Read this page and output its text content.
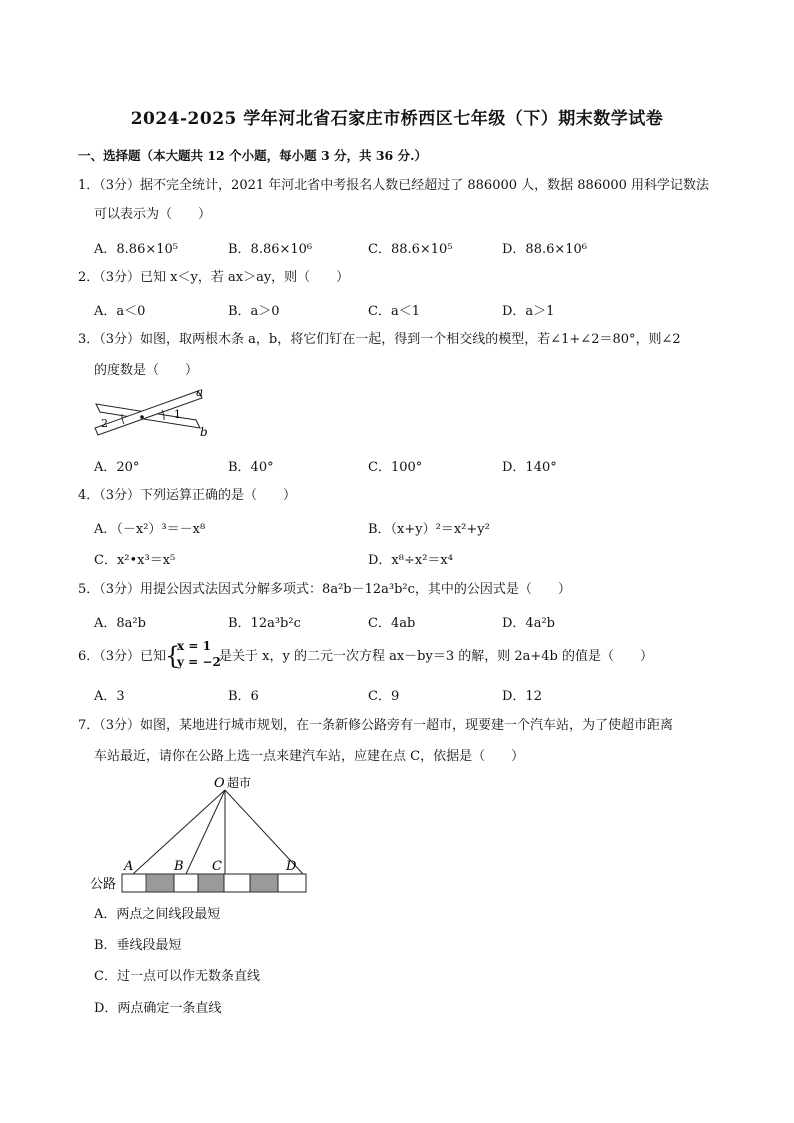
2024-2025 学年河北省石家庄市桥西区七年级（下）期末数学试卷
一、选择题（本大题共 12 个小题，每小题 3 分，共 36 分.）
1．（3分）据不完全统计，2021 年河北省中考报名人数已经超过了 886000 人，数据 886000 用科学记数法
可以表示为（　　）
A．8.86×10⁵	B．8.86×10⁶	C．88.6×10⁵	D．88.6×10⁶
2．（3分）已知 x＜y，若 ax＞ay，则（　　）
A．a＜0	B．a＞0	C．a＜1	D．a＞1
3．（3分）如图，取两根木条 a，b，将它们钉在一起，得到一个相交线的模型，若∠1+∠2＝80°，则∠2
的度数是（　　）
a
b
1
2
A．20°	B．40°	C．100°	D．140°
4．（3分）下列运算正确的是（　　）
A．（－x²）³＝－x⁸	B．（x+y）²＝x²+y²
C．x²•x³＝x⁵	D．x⁸÷x²＝x⁴
5．（3分）用提公因式法因式分解多项式：8a²b－12a³b²c，其中的公因式是（　　）
A．8a²b	B．12a³b²c	C．4ab	D．4a²b
6．（3分）已知
{
x = 1
y = −2
是关于 x，y 的二元一次方程 ax－by＝3 的解，则 2a+4b 的值是（　　）
A．3	B．6	C．9	D．12
7．（3分）如图，某地进行城市规划，在一条新修公路旁有一超市，现要建一个汽车站，为了使超市距离
车站最近，请你在公路上选一点来建汽车站，应建在点 C，依据是（　　）
O 超市
A	B C	D
公路
A．两点之间线段最短
B．垂线段最短
C．过一点可以作无数条直线
D．两点确定一条直线
